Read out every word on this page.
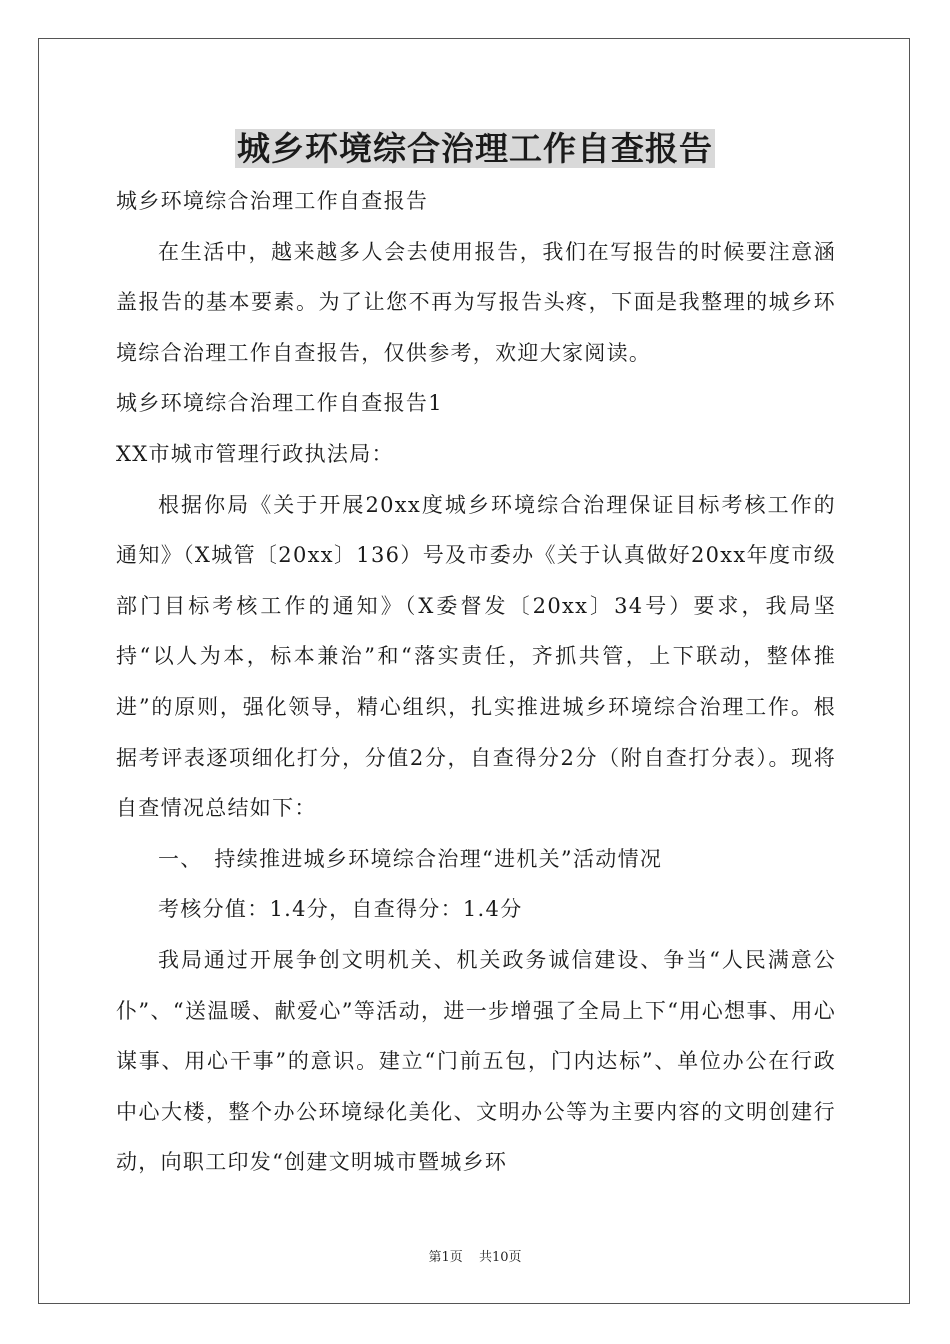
城乡环境综合治理工作自查报告

城乡环境综合治理工作自查报告

在生活中，越来越多人会去使用报告，我们在写报告的时候要注意涵盖报告的基本要素。为了让您不再为写报告头疼，下面是我整理的城乡环境综合治理工作自查报告，仅供参考，欢迎大家阅读。

城乡环境综合治理工作自查报告1

XX市城市管理行政执法局：

根据你局《关于开展20xx度城乡环境综合治理保证目标考核工作的通知》（X城管〔20xx〕136）号及市委办《关于认真做好20xx年度市级部门目标考核工作的通知》（X委督发〔20xx〕34号）要求，我局坚持“以人为本，标本兼治”和“落实责任，齐抓共管，上下联动，整体推进”的原则，强化领导，精心组织，扎实推进城乡环境综合治理工作。根据考评表逐项细化打分，分值2分，自查得分2分（附自查打分表）。现将自查情况总结如下：

一、　持续推进城乡环境综合治理“进机关”活动情况

考核分值：1.4分，自查得分：1.4分

我局通过开展争创文明机关、机关政务诚信建设、争当“人民满意公仆”、“送温暖、献爱心”等活动，进一步增强了全局上下“用心想事、用心谋事、用心干事”的意识。建立“门前五包，门内达标”、单位办公在行政中心大楼，整个办公环境绿化美化、文明办公等为主要内容的文明创建行动，向职工印发“创建文明城市暨城乡环

第1页 共10页
